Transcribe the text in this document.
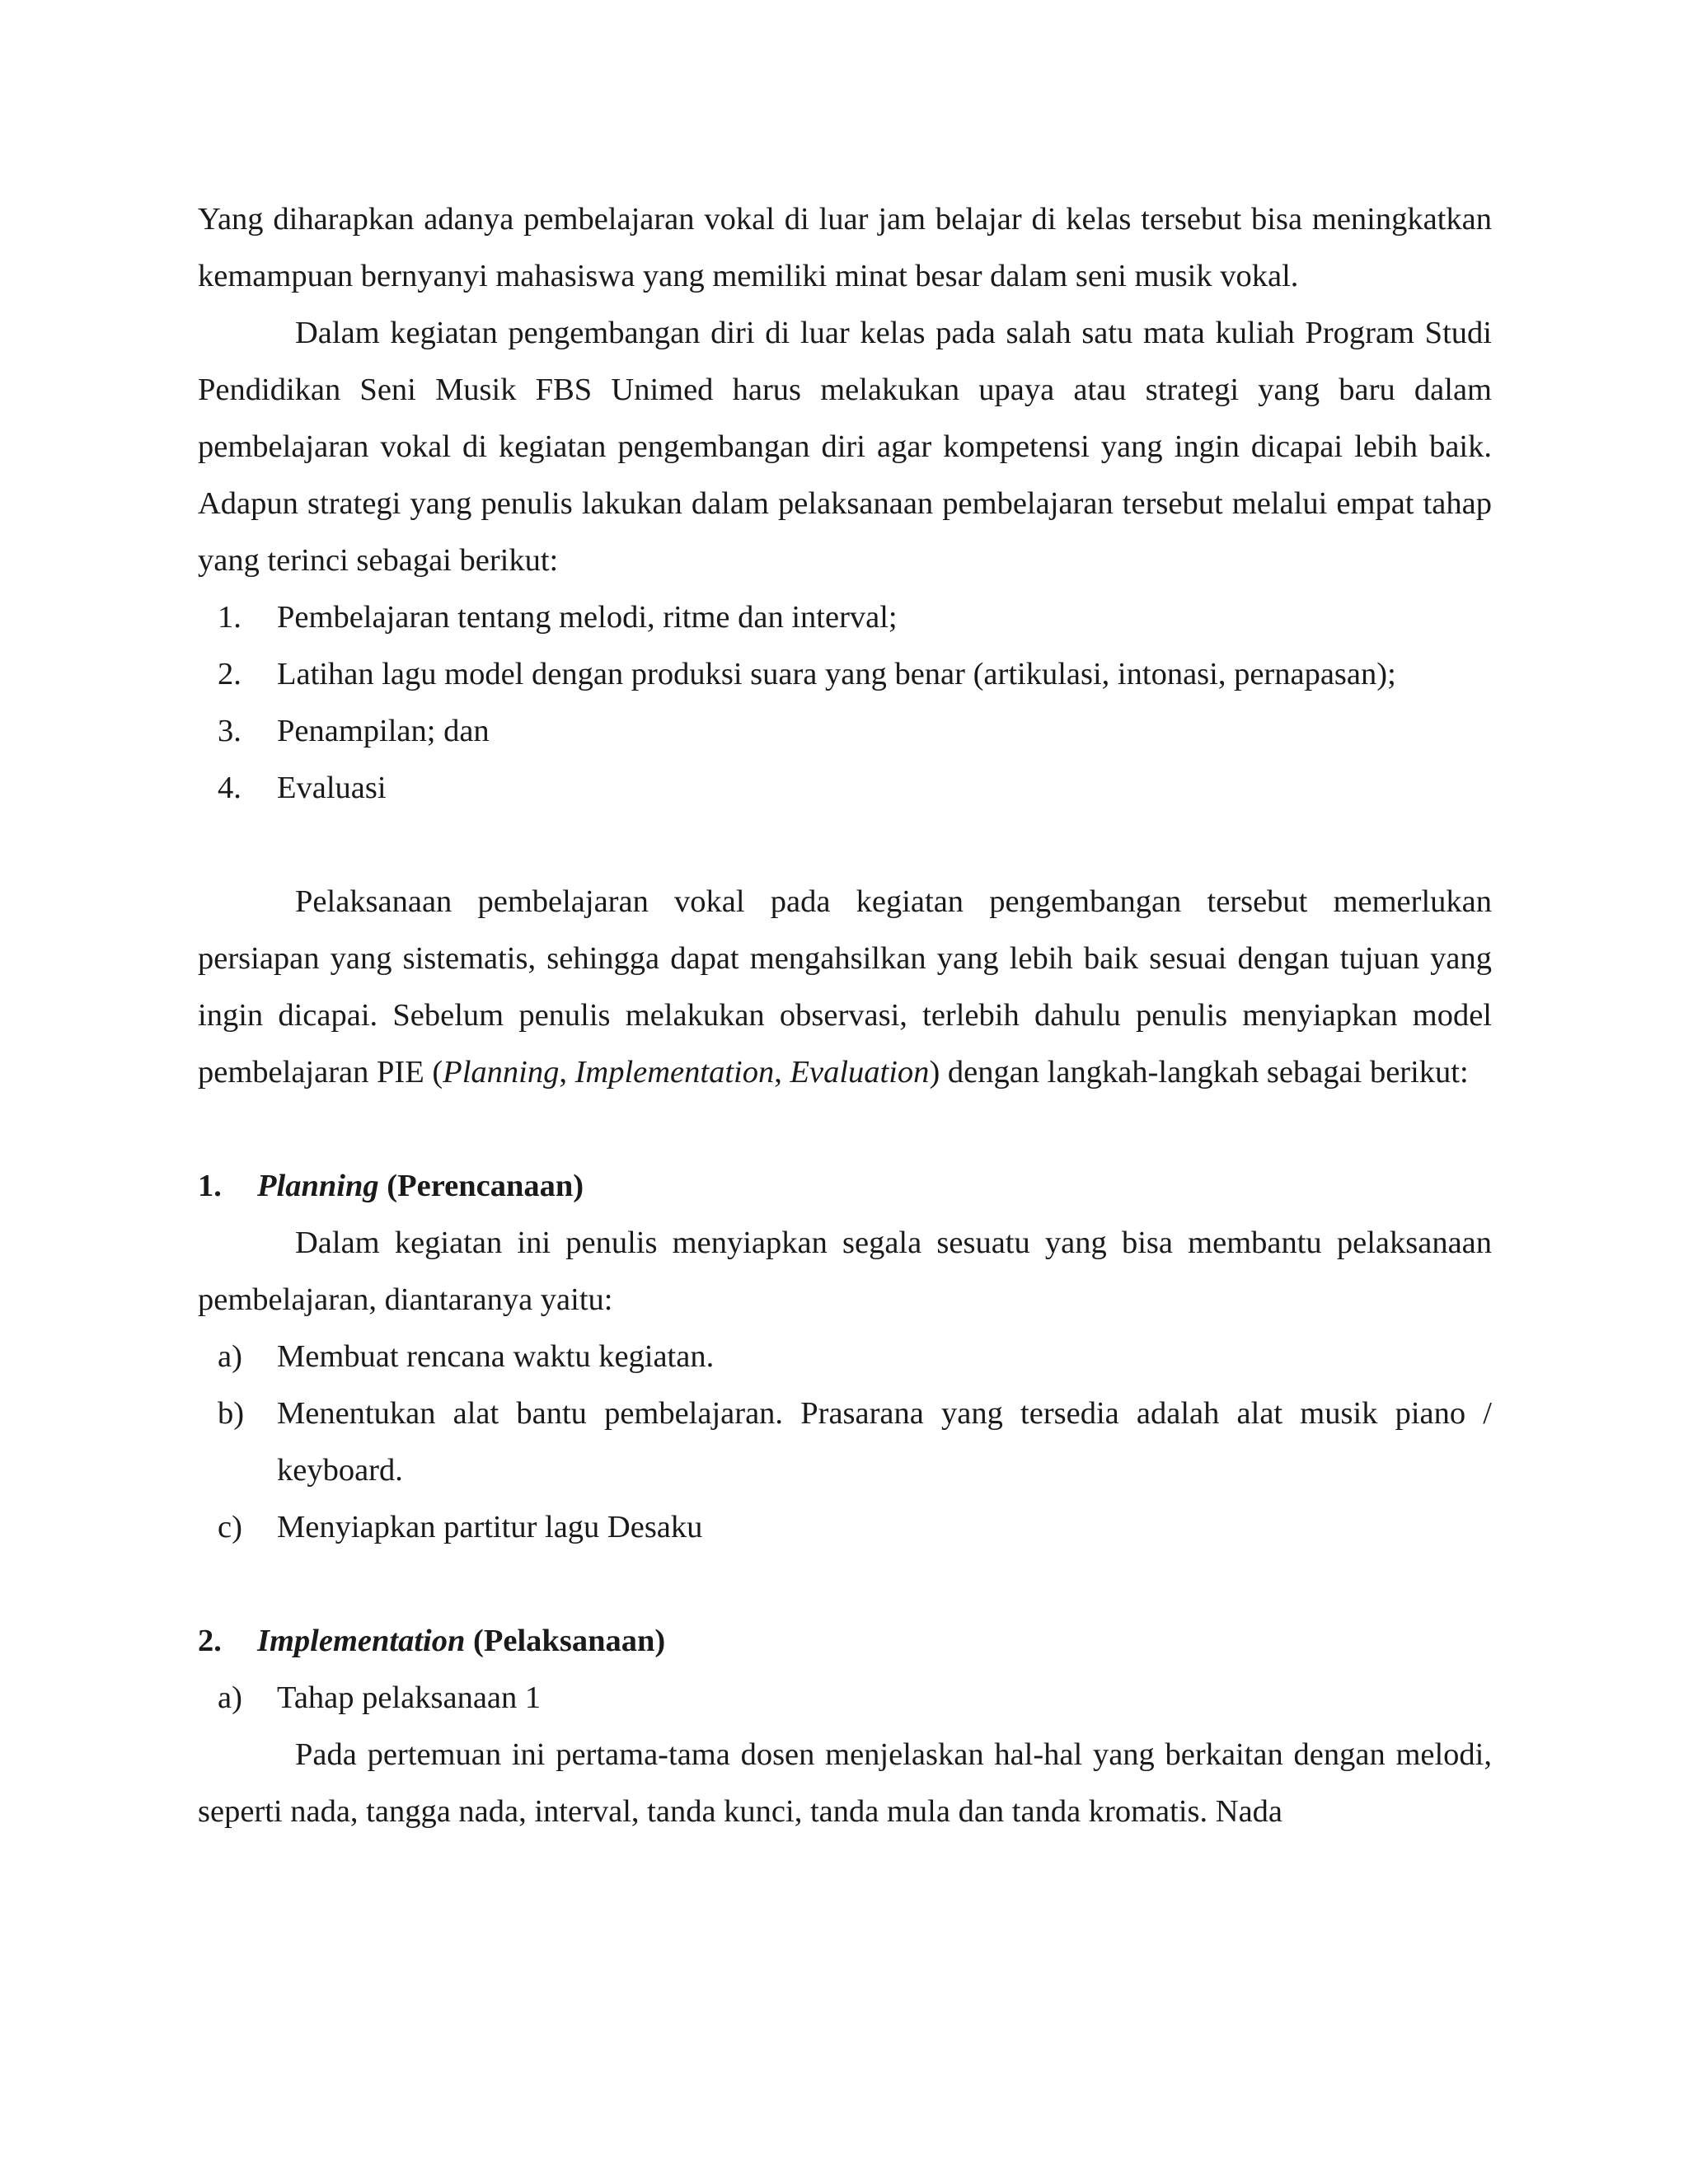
Yang diharapkan adanya pembelajaran vokal di luar jam belajar di kelas tersebut bisa meningkatkan kemampuan bernyanyi mahasiswa yang memiliki minat besar dalam seni musik vokal.

Dalam kegiatan pengembangan diri di luar kelas pada salah satu mata kuliah Program Studi Pendidikan Seni Musik FBS Unimed harus melakukan upaya atau strategi yang baru dalam pembelajaran vokal di kegiatan pengembangan diri agar kompetensi yang ingin dicapai lebih baik. Adapun strategi yang penulis lakukan dalam pelaksanaan pembelajaran tersebut melalui empat tahap yang terinci sebagai berikut:

1. Pembelajaran tentang melodi, ritme dan interval;
2. Latihan lagu model dengan produksi suara yang benar (artikulasi, intonasi, pernapasan);
3. Penampilan; dan
4. Evaluasi

Pelaksanaan pembelajaran vokal pada kegiatan pengembangan tersebut memerlukan persiapan yang sistematis, sehingga dapat mengahsilkan yang lebih baik sesuai dengan tujuan yang ingin dicapai. Sebelum penulis melakukan observasi, terlebih dahulu penulis menyiapkan model pembelajaran PIE (Planning, Implementation, Evaluation) dengan langkah-langkah sebagai berikut:

1. Planning (Perencanaan)

Dalam kegiatan ini penulis menyiapkan segala sesuatu yang bisa membantu pelaksanaan pembelajaran, diantaranya yaitu:

a) Membuat rencana waktu kegiatan.
b) Menentukan alat bantu pembelajaran. Prasarana yang tersedia adalah alat musik piano / keyboard.
c) Menyiapkan partitur lagu Desaku
2. Implementation (Pelaksanaan)
a) Tahap pelaksanaan 1

Pada pertemuan ini pertama-tama dosen menjelaskan hal-hal yang berkaitan dengan melodi, seperti nada, tangga nada, interval, tanda kunci, tanda mula dan tanda kromatis. Nada
